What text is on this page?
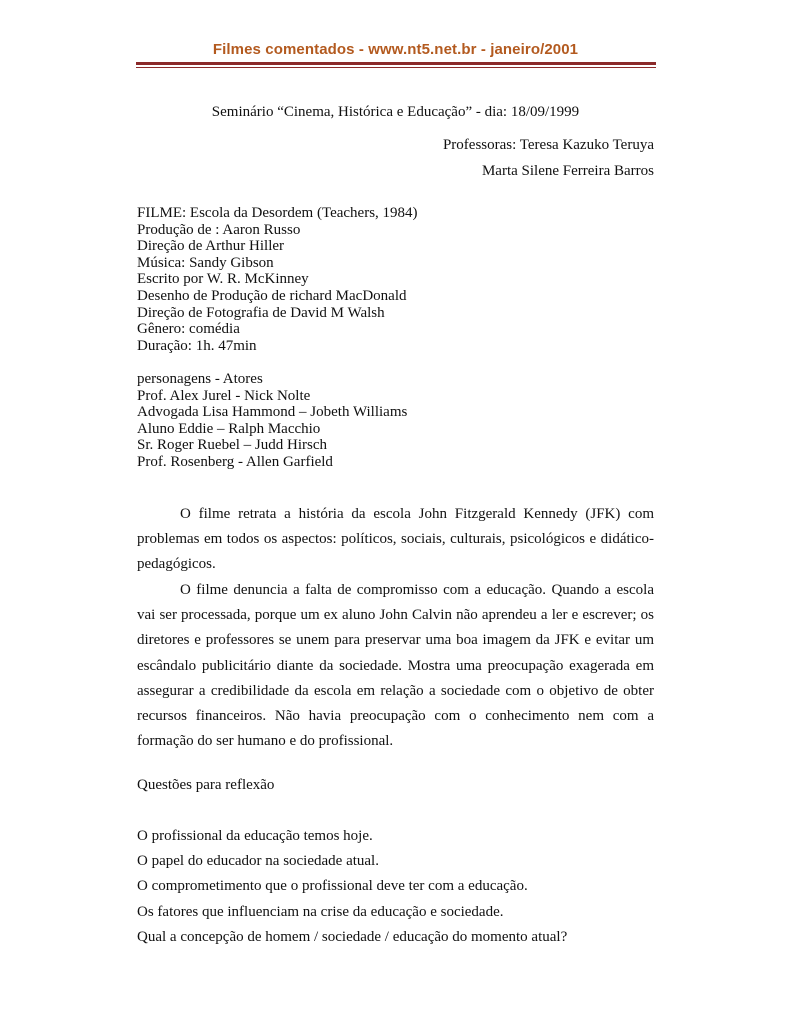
Filmes comentados - www.nt5.net.br - janeiro/2001
Seminário “Cinema, Histórica e Educação” - dia: 18/09/1999
Professoras: Teresa Kazuko Teruya
Marta Silene Ferreira Barros
FILME: Escola da Desordem (Teachers, 1984)
Produção de : Aaron Russo
Direção de Arthur Hiller
Música: Sandy Gibson
Escrito por W. R. McKinney
Desenho de Produção de richard MacDonald
Direção de Fotografia de David M Walsh
Gênero: comédia
Duração: 1h. 47min
personagens - Atores
Prof. Alex Jurel - Nick Nolte
Advogada Lisa Hammond – Jobeth Williams
Aluno Eddie – Ralph Macchio
Sr. Roger Ruebel – Judd Hirsch
Prof. Rosenberg - Allen Garfield
O filme retrata a história da escola John Fitzgerald Kennedy (JFK) com problemas em todos os aspectos: políticos, sociais, culturais, psicológicos e didático-pedagógicos.
O filme denuncia a falta de compromisso com a educação. Quando a escola vai ser processada, porque um ex aluno John Calvin não aprendeu a ler e escrever; os diretores e professores se unem para preservar uma boa imagem da JFK e evitar um escândalo publicitário diante da sociedade. Mostra uma preocupação exagerada em assegurar a credibilidade da escola em relação a sociedade com o objetivo de obter recursos financeiros. Não havia preocupação com o conhecimento nem com a formação do ser humano e do profissional.
Questões para reflexão
O profissional da educação temos hoje.
O papel do educador na sociedade atual.
O comprometimento que o profissional deve ter com a educação.
Os fatores que influenciam na crise da educação e sociedade.
Qual a concepção de homem / sociedade / educação do momento atual?
